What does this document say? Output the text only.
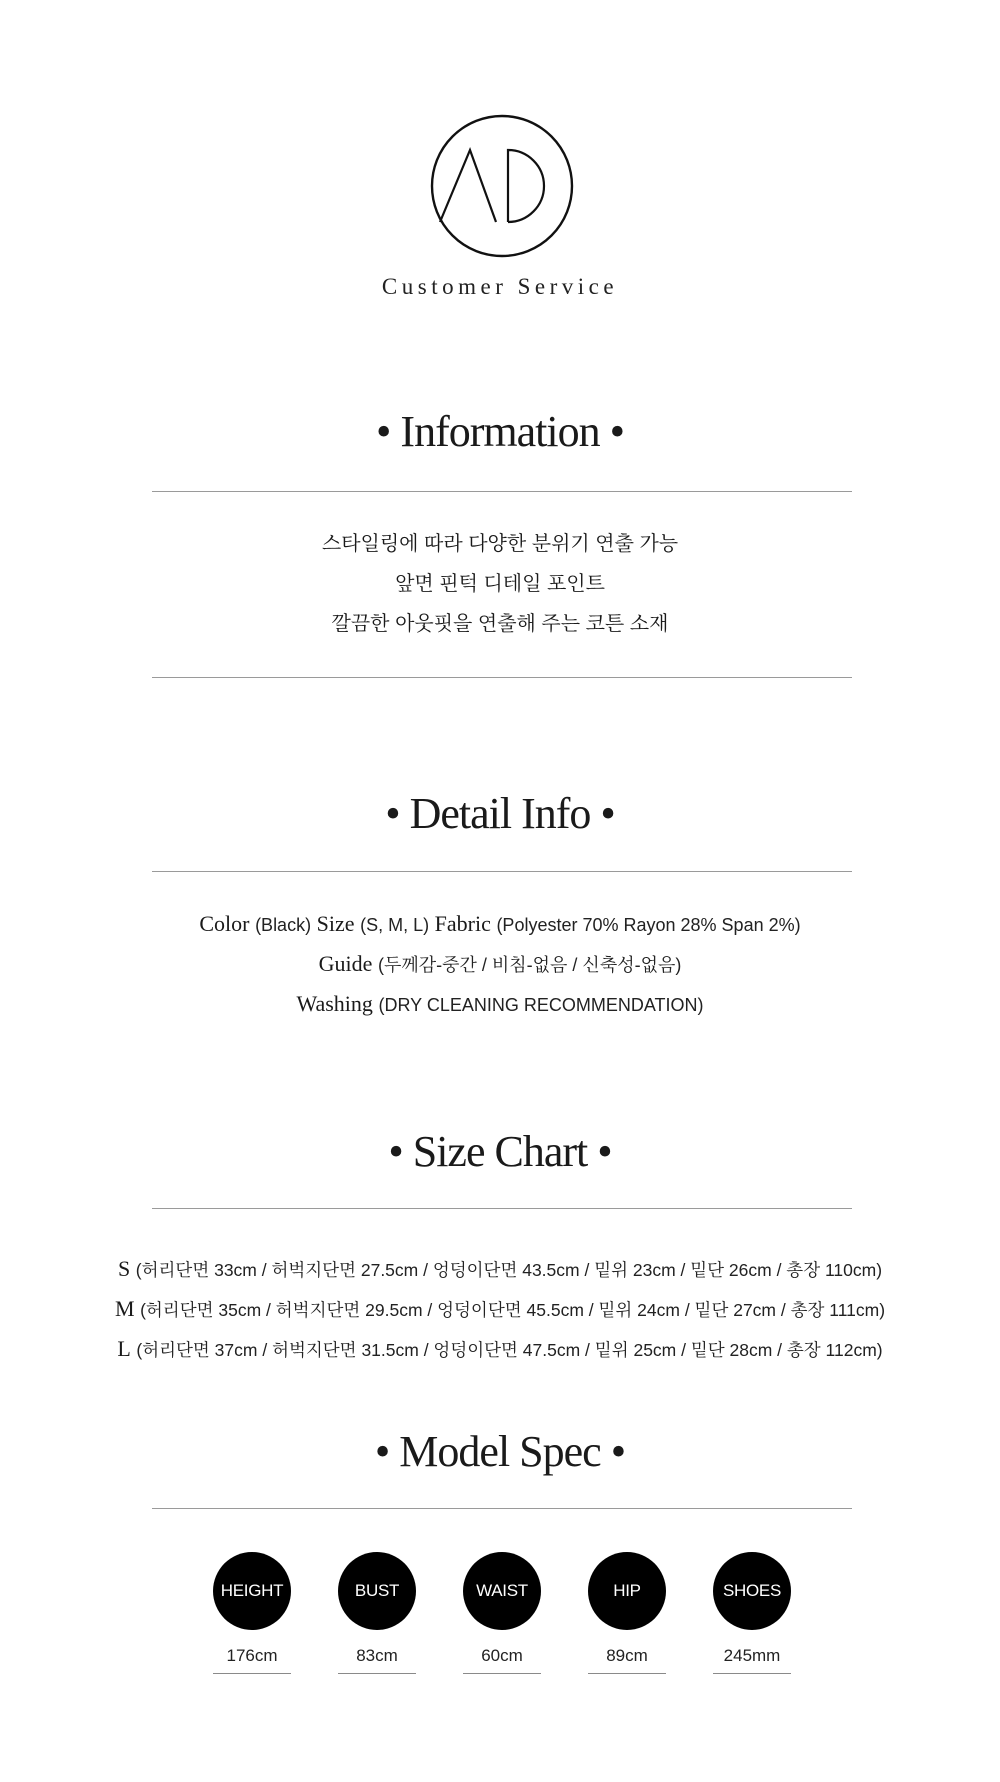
Customer Service
• Information •
스타일링에 따라 다양한 분위기 연출 가능
앞면 핀턱 디테일 포인트
깔끔한 아웃핏을 연출해 주는 코튼 소재
• Detail Info •
Color (Black) Size (S, M, L) Fabric (Polyester 70% Rayon 28% Span 2%)
Guide (두께감-중간 / 비침-없음 / 신축성-없음)
Washing (DRY CLEANING RECOMMENDATION)
• Size Chart •
S (허리단면 33cm / 허벅지단면 27.5cm / 엉덩이단면 43.5cm / 밑위 23cm / 밑단 26cm / 총장 110cm)
M (허리단면 35cm / 허벅지단면 29.5cm / 엉덩이단면 45.5cm / 밑위 24cm / 밑단 27cm / 총장 111cm)
L (허리단면 37cm / 허벅지단면 31.5cm / 엉덩이단면 47.5cm / 밑위 25cm / 밑단 28cm / 총장 112cm)
• Model Spec •
HEIGHT
176cm
BUST
83cm
WAIST
60cm
HIP
89cm
SHOES
245mm
